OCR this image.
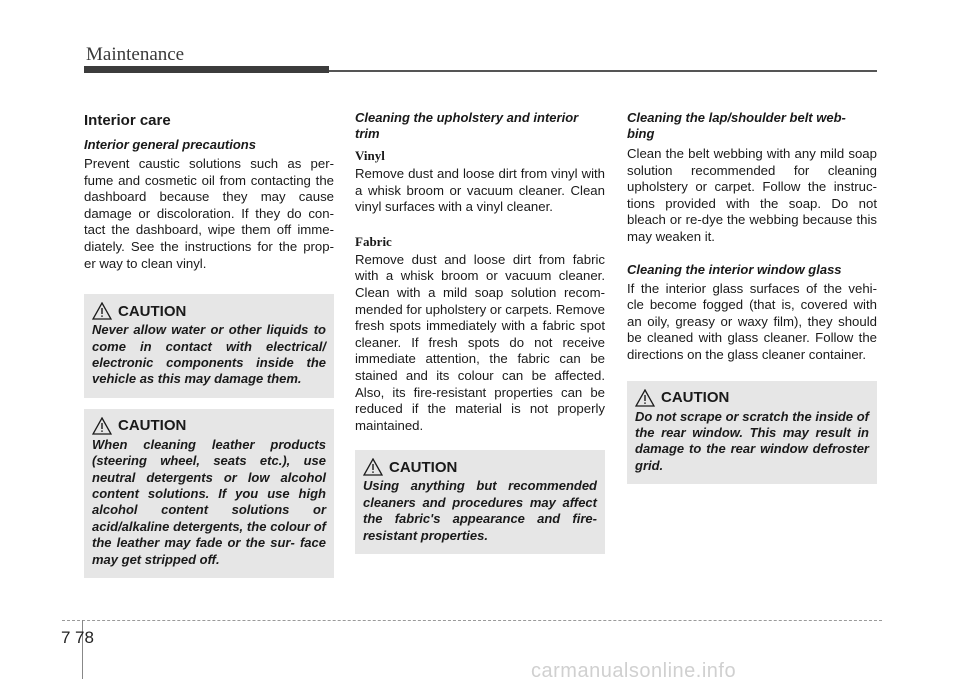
Maintenance
Interior care
Interior general precautions

Prevent caustic solutions such as per- fume and cosmetic oil from contacting the dashboard because they may cause damage or discoloration. If they do con- tact the dashboard, wipe them off imme- diately. See the instructions for the prop- er way to clean vinyl.

CAUTION

Never allow water or other liquids to come in contact with electrical/ electronic components inside the vehicle as this may damage them.

CAUTION

When cleaning leather products (steering wheel, seats etc.), use neutral detergents or low alcohol content solutions. If you use high alcohol content solutions or acid/alkaline detergents, the colour of the leather may fade or the sur- face may get stripped off.

Cleaning the upholstery and interior
trim
Vinyl

Remove dust and loose dirt from vinyl with a whisk broom or vacuum cleaner. Clean vinyl surfaces with a vinyl cleaner.

Fabric

Remove dust and loose dirt from fabric with a whisk broom or vacuum cleaner. Clean with a mild soap solution recom- mended for upholstery or carpets. Remove fresh spots immediately with a fabric spot cleaner. If fresh spots do not receive immediate attention, the fabric can be stained and its colour can be affected. Also, its fire-resistant properties can be reduced if the material is not properly maintained.

CAUTION

Using anything but recommended cleaners and procedures may affect the fabric's appearance and fire- resistant properties.

Cleaning the lap/shoulder belt web-
bing

Clean the belt webbing with any mild soap solution recommended for cleaning upholstery or carpet. Follow the instruc- tions provided with the soap. Do not bleach or re-dye the webbing because this may weaken it.

Cleaning the interior window glass

If the interior glass surfaces of the vehi- cle become fogged (that is, covered with an oily, greasy or waxy film), they should be cleaned with glass cleaner. Follow the directions on the glass cleaner container.

CAUTION

Do not scrape or scratch the inside of the rear window. This may result in damage to the rear window defroster grid.

7 78
carmanualsonline.info
